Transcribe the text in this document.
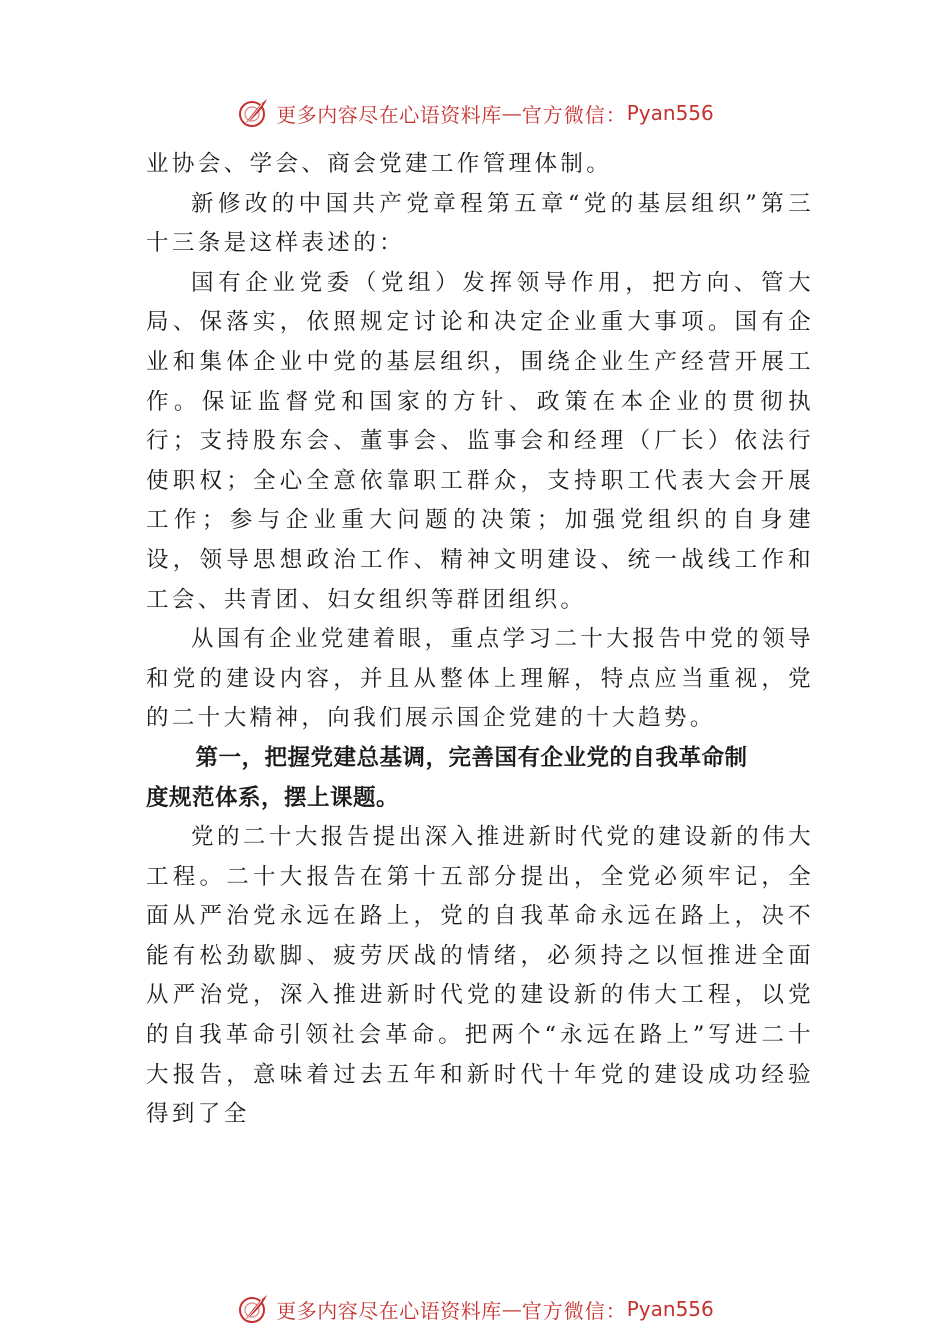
更多内容尽在心语资料库 — 官方微信： Pyan556

业协会、学会、商会党建工作管理体制。

新修改的中国共产党章程第五章“党的基层组织”第三十三条是这样表述的：

国有企业党委（党组）发挥领导作用，把方向、管大局、保落实，依照规定讨论和决定企业重大事项。国有企业和集体企业中党的基层组织，围绕企业生产经营开展工作。保证监督党和国家的方针、政策在本企业的贯彻执行；支持股东会、董事会、监事会和经理（厂长）依法行使职权；全心全意依靠职工群众，支持职工代表大会开展工作；参与企业重大问题的决策；加强党组织的自身建设，领导思想政治工作、精神文明建设、统一战线工作和工会、共青团、妇女组织等群团组织。

从国有企业党建着眼，重点学习二十大报告中党的领导和党的建设内容，并且从整体上理解，特点应当重视，党的二十大精神，向我们展示国企党建的十大趋势。

第一，把握党建总基调，完善国有企业党的自我革命制度规范体系，摆上课题。

党的二十大报告提出深入推进新时代党的建设新的伟大工程。二十大报告在第十五部分提出，全党必须牢记，全面从严治党永远在路上，党的自我革命永远在路上，决不能有松劲歇脚、疲劳厌战的情绪，必须持之以恒推进全面从严治党，深入推进新时代党的建设新的伟大工程，以党的自我革命引领社会革命。把两个“永远在路上”写进二十大报告，意味着过去五年和新时代十年党的建设成功经验得到了全

更多内容尽在心语资料库 — 官方微信： Pyan556
